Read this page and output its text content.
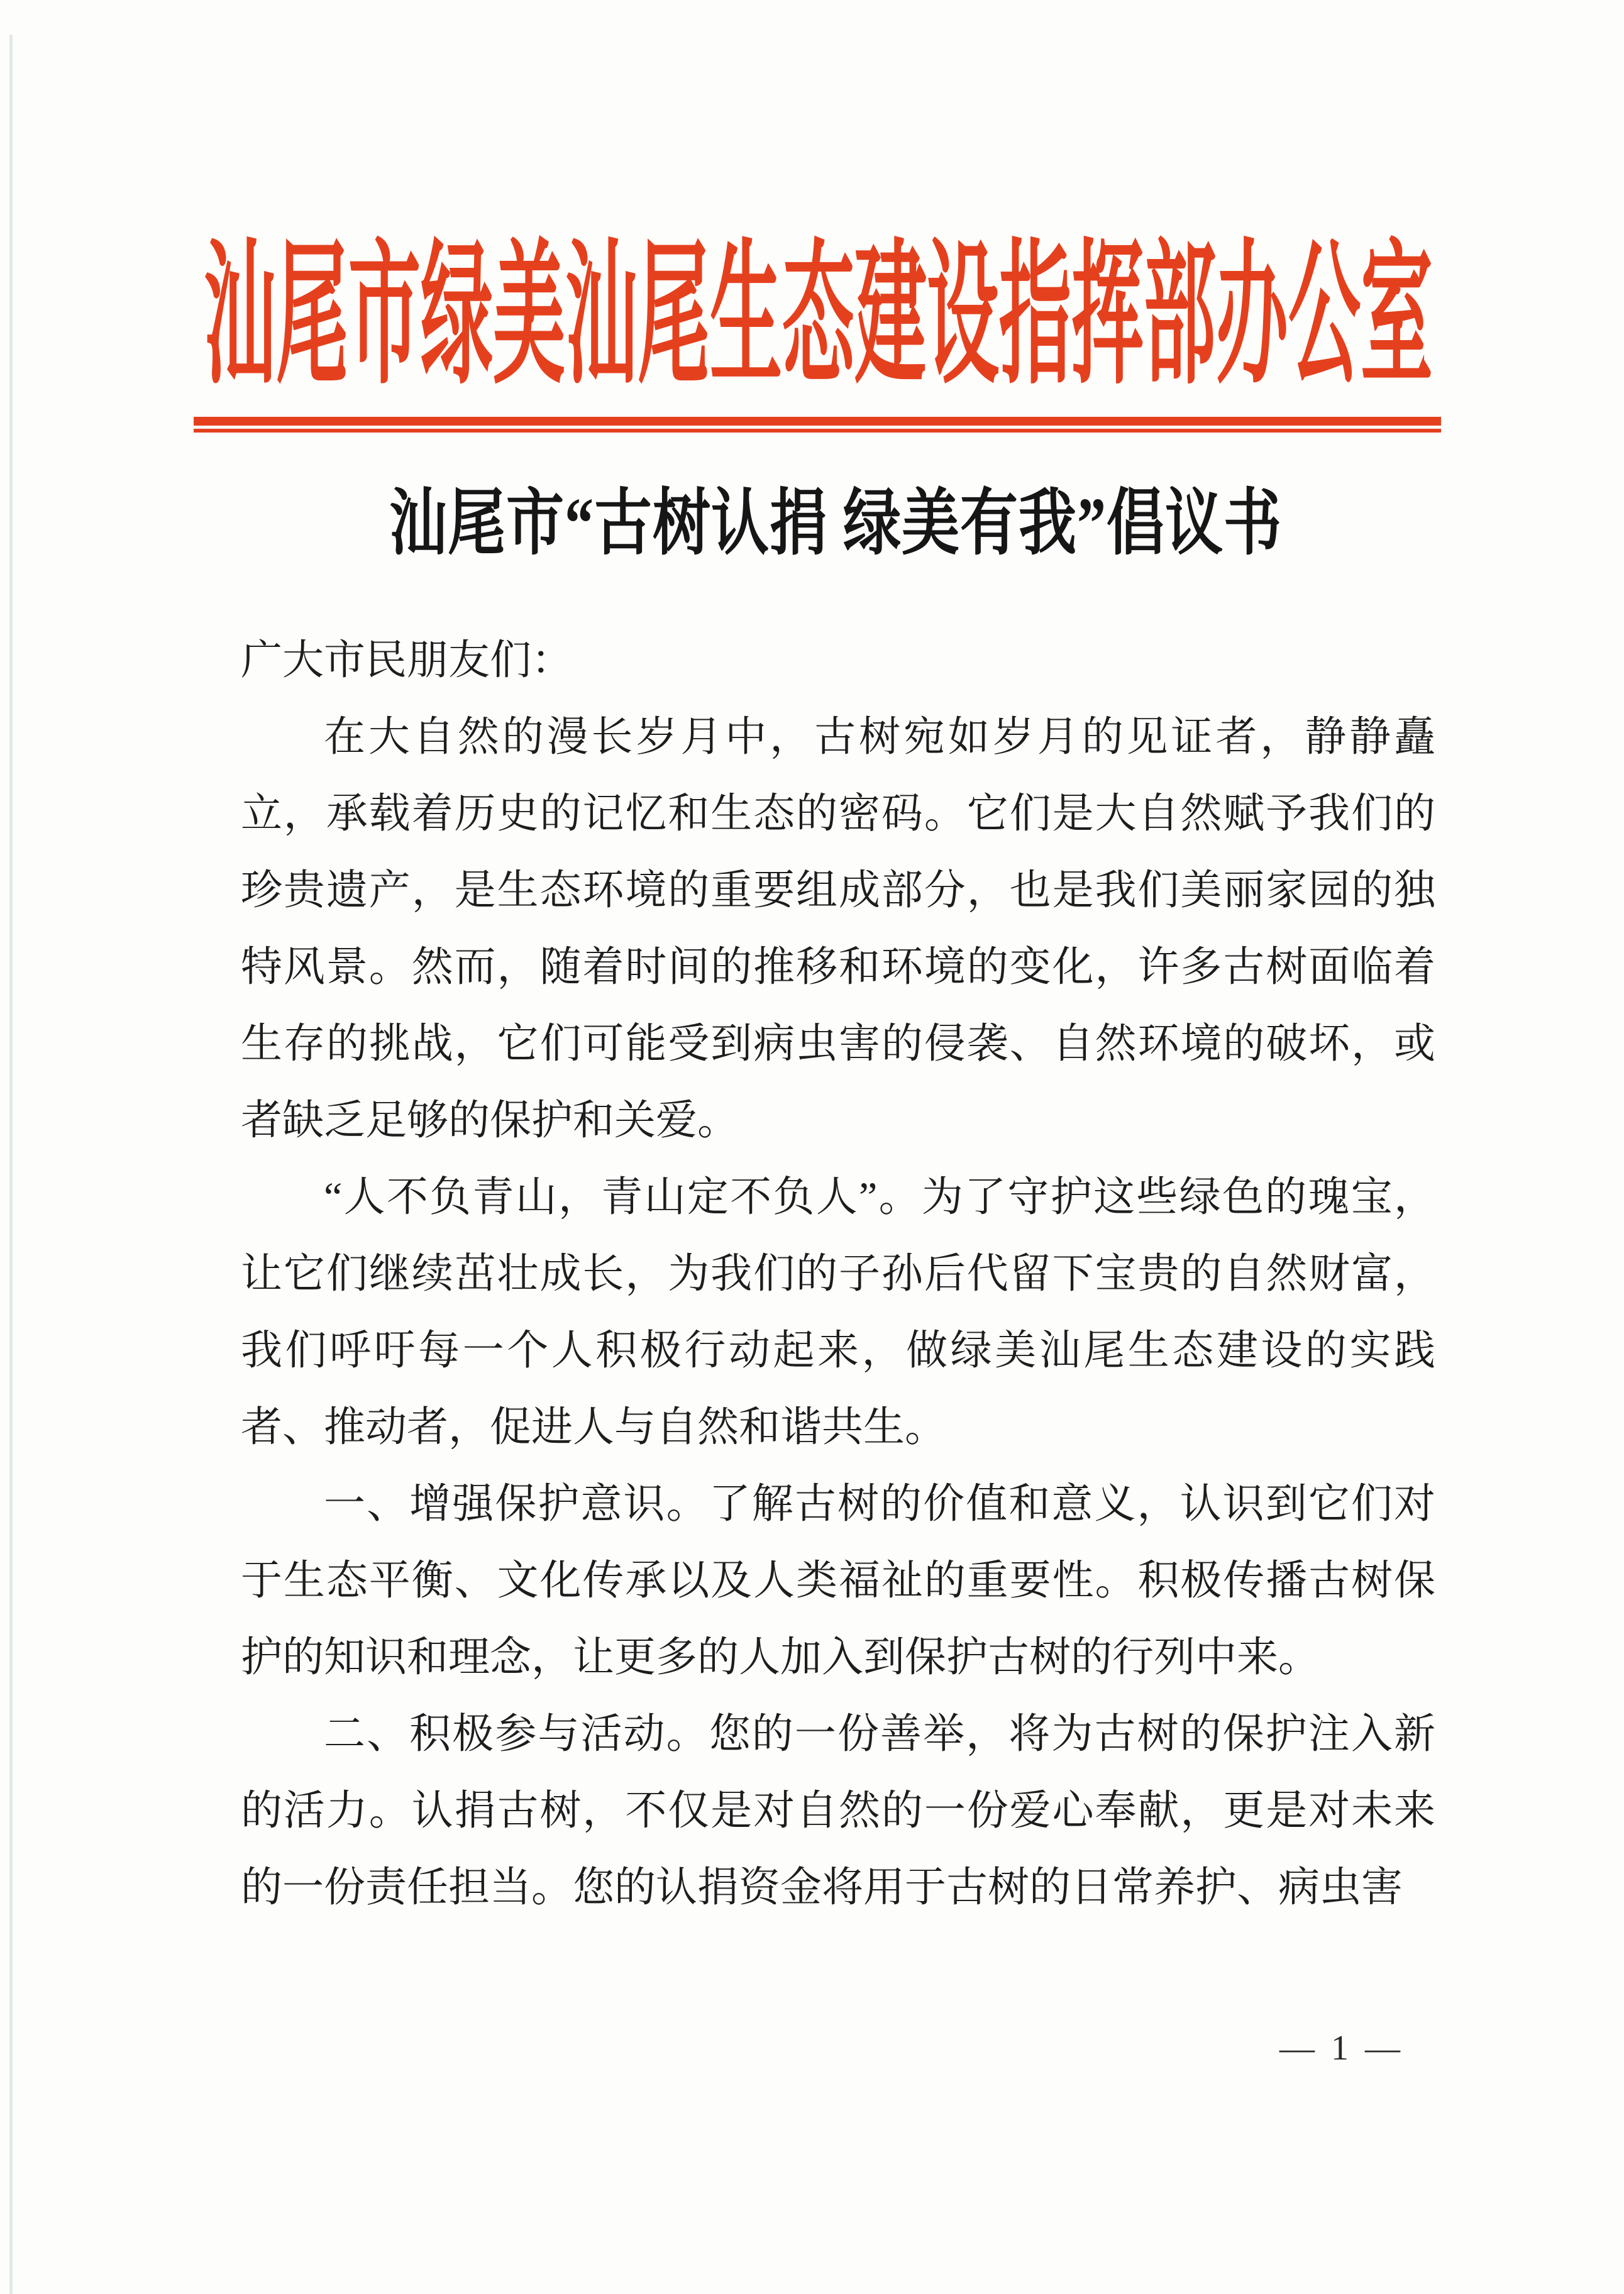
汕尾市绿美汕尾生态建设指挥部办公室
汕尾市“古树认捐 绿美有我”倡议书

广大市民朋友们：

在大自然的漫长岁月中，古树宛如岁月的见证者，静静矗立，承载着历史的记忆和生态的密码。它们是大自然赋予我们的珍贵遗产，是生态环境的重要组成部分，也是我们美丽家园的独特风景。然而，随着时间的推移和环境的变化，许多古树面临着生存的挑战，它们可能受到病虫害的侵袭、自然环境的破坏，或者缺乏足够的保护和关爱。

“人不负青山，青山定不负人”。为了守护这些绿色的瑰宝，让它们继续茁壮成长，为我们的子孙后代留下宝贵的自然财富，我们呼吁每一个人积极行动起来，做绿美汕尾生态建设的实践者、推动者，促进人与自然和谐共生。

一、增强保护意识。了解古树的价值和意义，认识到它们对于生态平衡、文化传承以及人类福祉的重要性。积极传播古树保护的知识和理念，让更多的人加入到保护古树的行列中来。

二、积极参与活动。您的一份善举，将为古树的保护注入新的活力。认捐古树，不仅是对自然的一份爱心奉献，更是对未来的一份责任担当。您的认捐资金将用于古树的日常养护、病虫害

— 1 —
